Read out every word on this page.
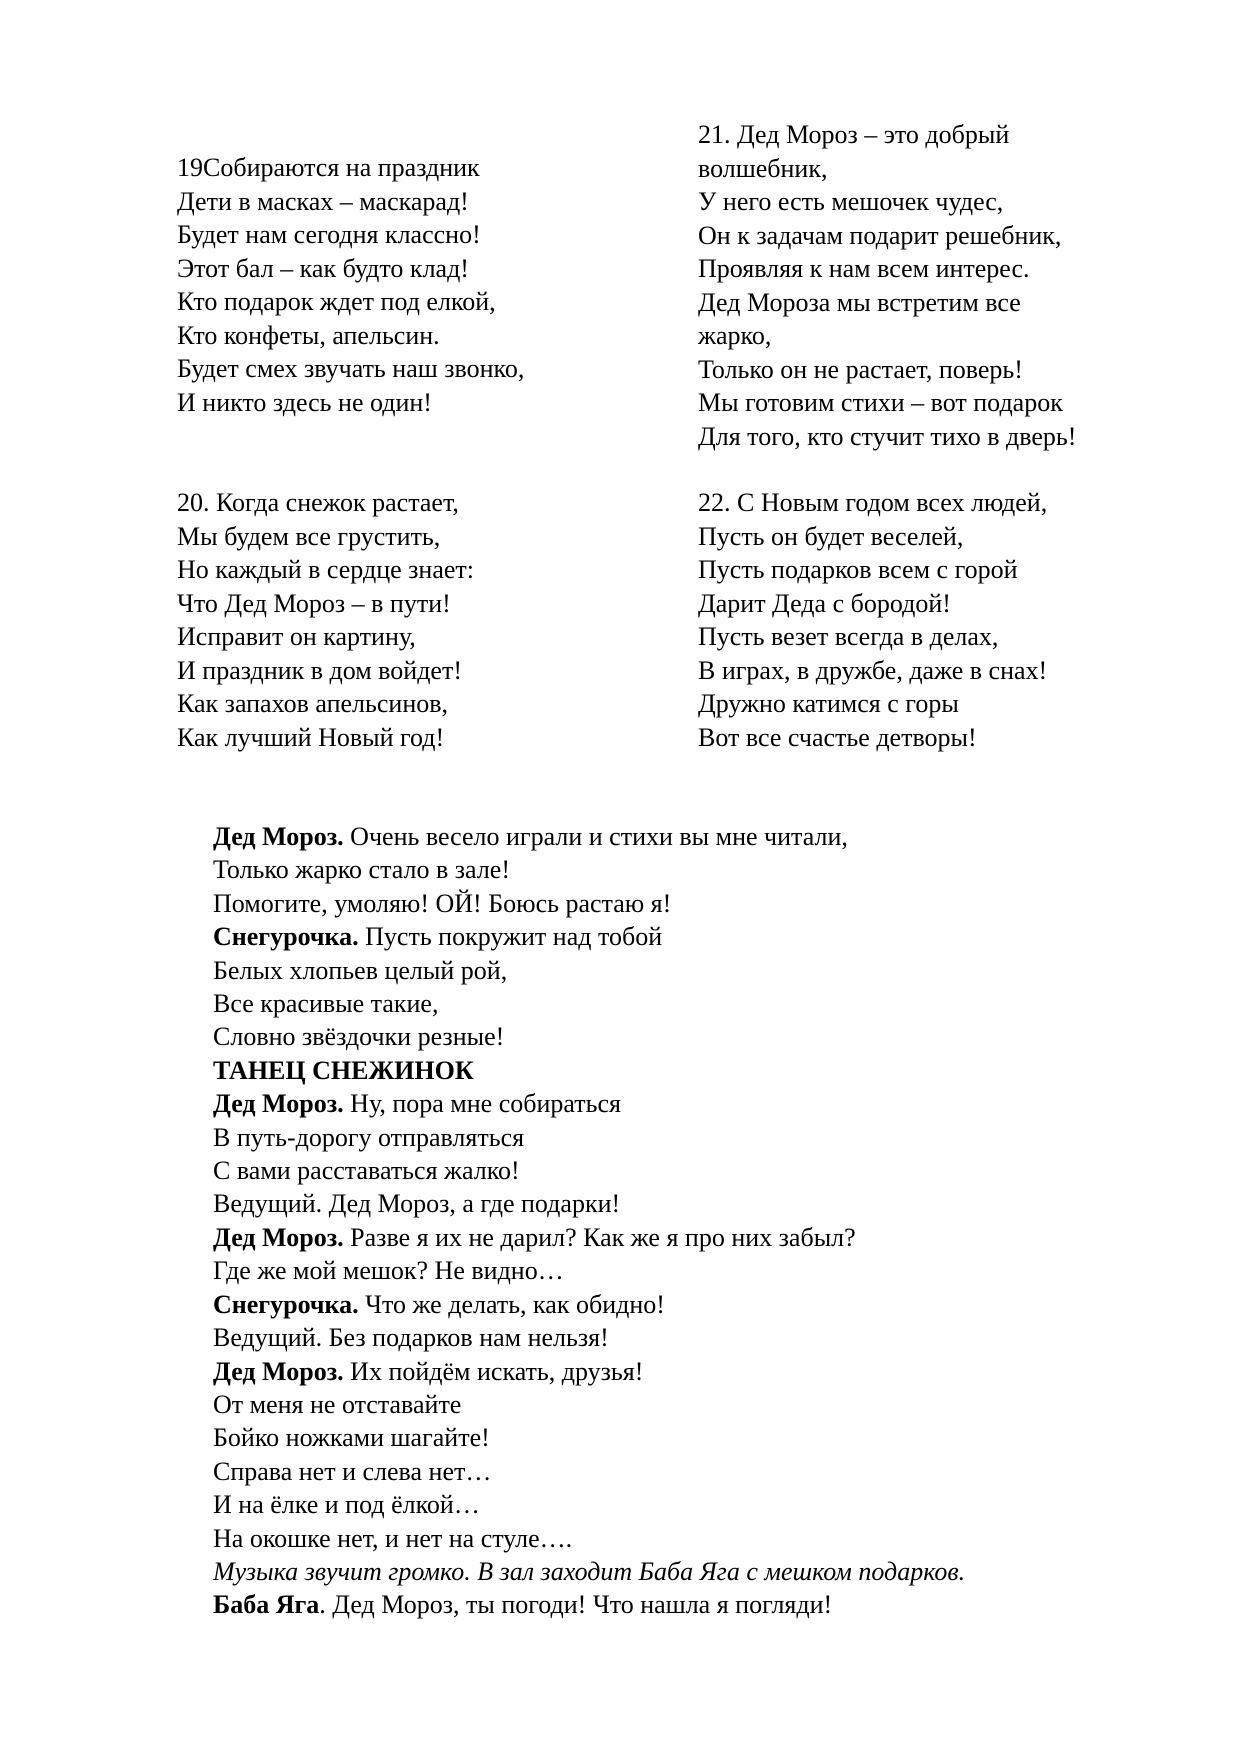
19Собираются на праздник
Дети в масках – маскарад!
Будет нам сегодня классно!
Этот бал – как будто клад!
Кто подарок ждет под елкой,
Кто конфеты, апельсин.
Будет смех звучать наш звонко,
И никто здесь не один!
20. Когда снежок растает,
Мы будем все грустить,
Но каждый в сердце знает:
Что Дед Мороз – в пути!
Исправит он картину,
И праздник в дом войдет!
Как запахов апельсинов,
Как лучший Новый год!
21. Дед Мороз – это добрый
волшебник,
У него есть мешочек чудес,
Он к задачам подарит решебник,
Проявляя к нам всем интерес.
Дед Мороза мы встретим все
жарко,
Только он не растает, поверь!
Мы готовим стихи – вот подарок
Для того, кто стучит тихо в дверь!
22. С Новым годом всех людей,
Пусть он будет веселей,
Пусть подарков всем с горой
Дарит Деда с бородой!
Пусть везет всегда в делах,
В играх, в дружбе, даже в снах!
Дружно катимся с горы
Вот все счастье детворы!
Дед Мороз. Очень весело играли и стихи вы мне читали,
Только жарко стало в зале!
Помогите, умоляю! ОЙ! Боюсь растаю я!
Снегурочка. Пусть покружит над тобой
Белых хлопьев целый рой,
Все красивые такие,
Словно звёздочки резные!
ТАНЕЦ СНЕЖИНОК
Дед Мороз. Ну, пора мне собираться
В путь-дорогу отправляться
С вами расставаться жалко!
Ведущий. Дед Мороз, а где подарки!
Дед Мороз. Разве я их не дарил? Как же я про них забыл?
Где же мой мешок? Не видно…
Снегурочка. Что же делать, как обидно!
Ведущий. Без подарков нам нельзя!
Дед Мороз. Их пойдём искать, друзья!
От меня не отставайте
Бойко ножками шагайте!
Справа нет и слева нет…
И на ёлке и под ёлкой…
На окошке нет, и нет на стуле….
Музыка звучит громко. В зал заходит Баба Яга с мешком подарков.
Баба Яга. Дед Мороз, ты погоди! Что нашла я погляди!
